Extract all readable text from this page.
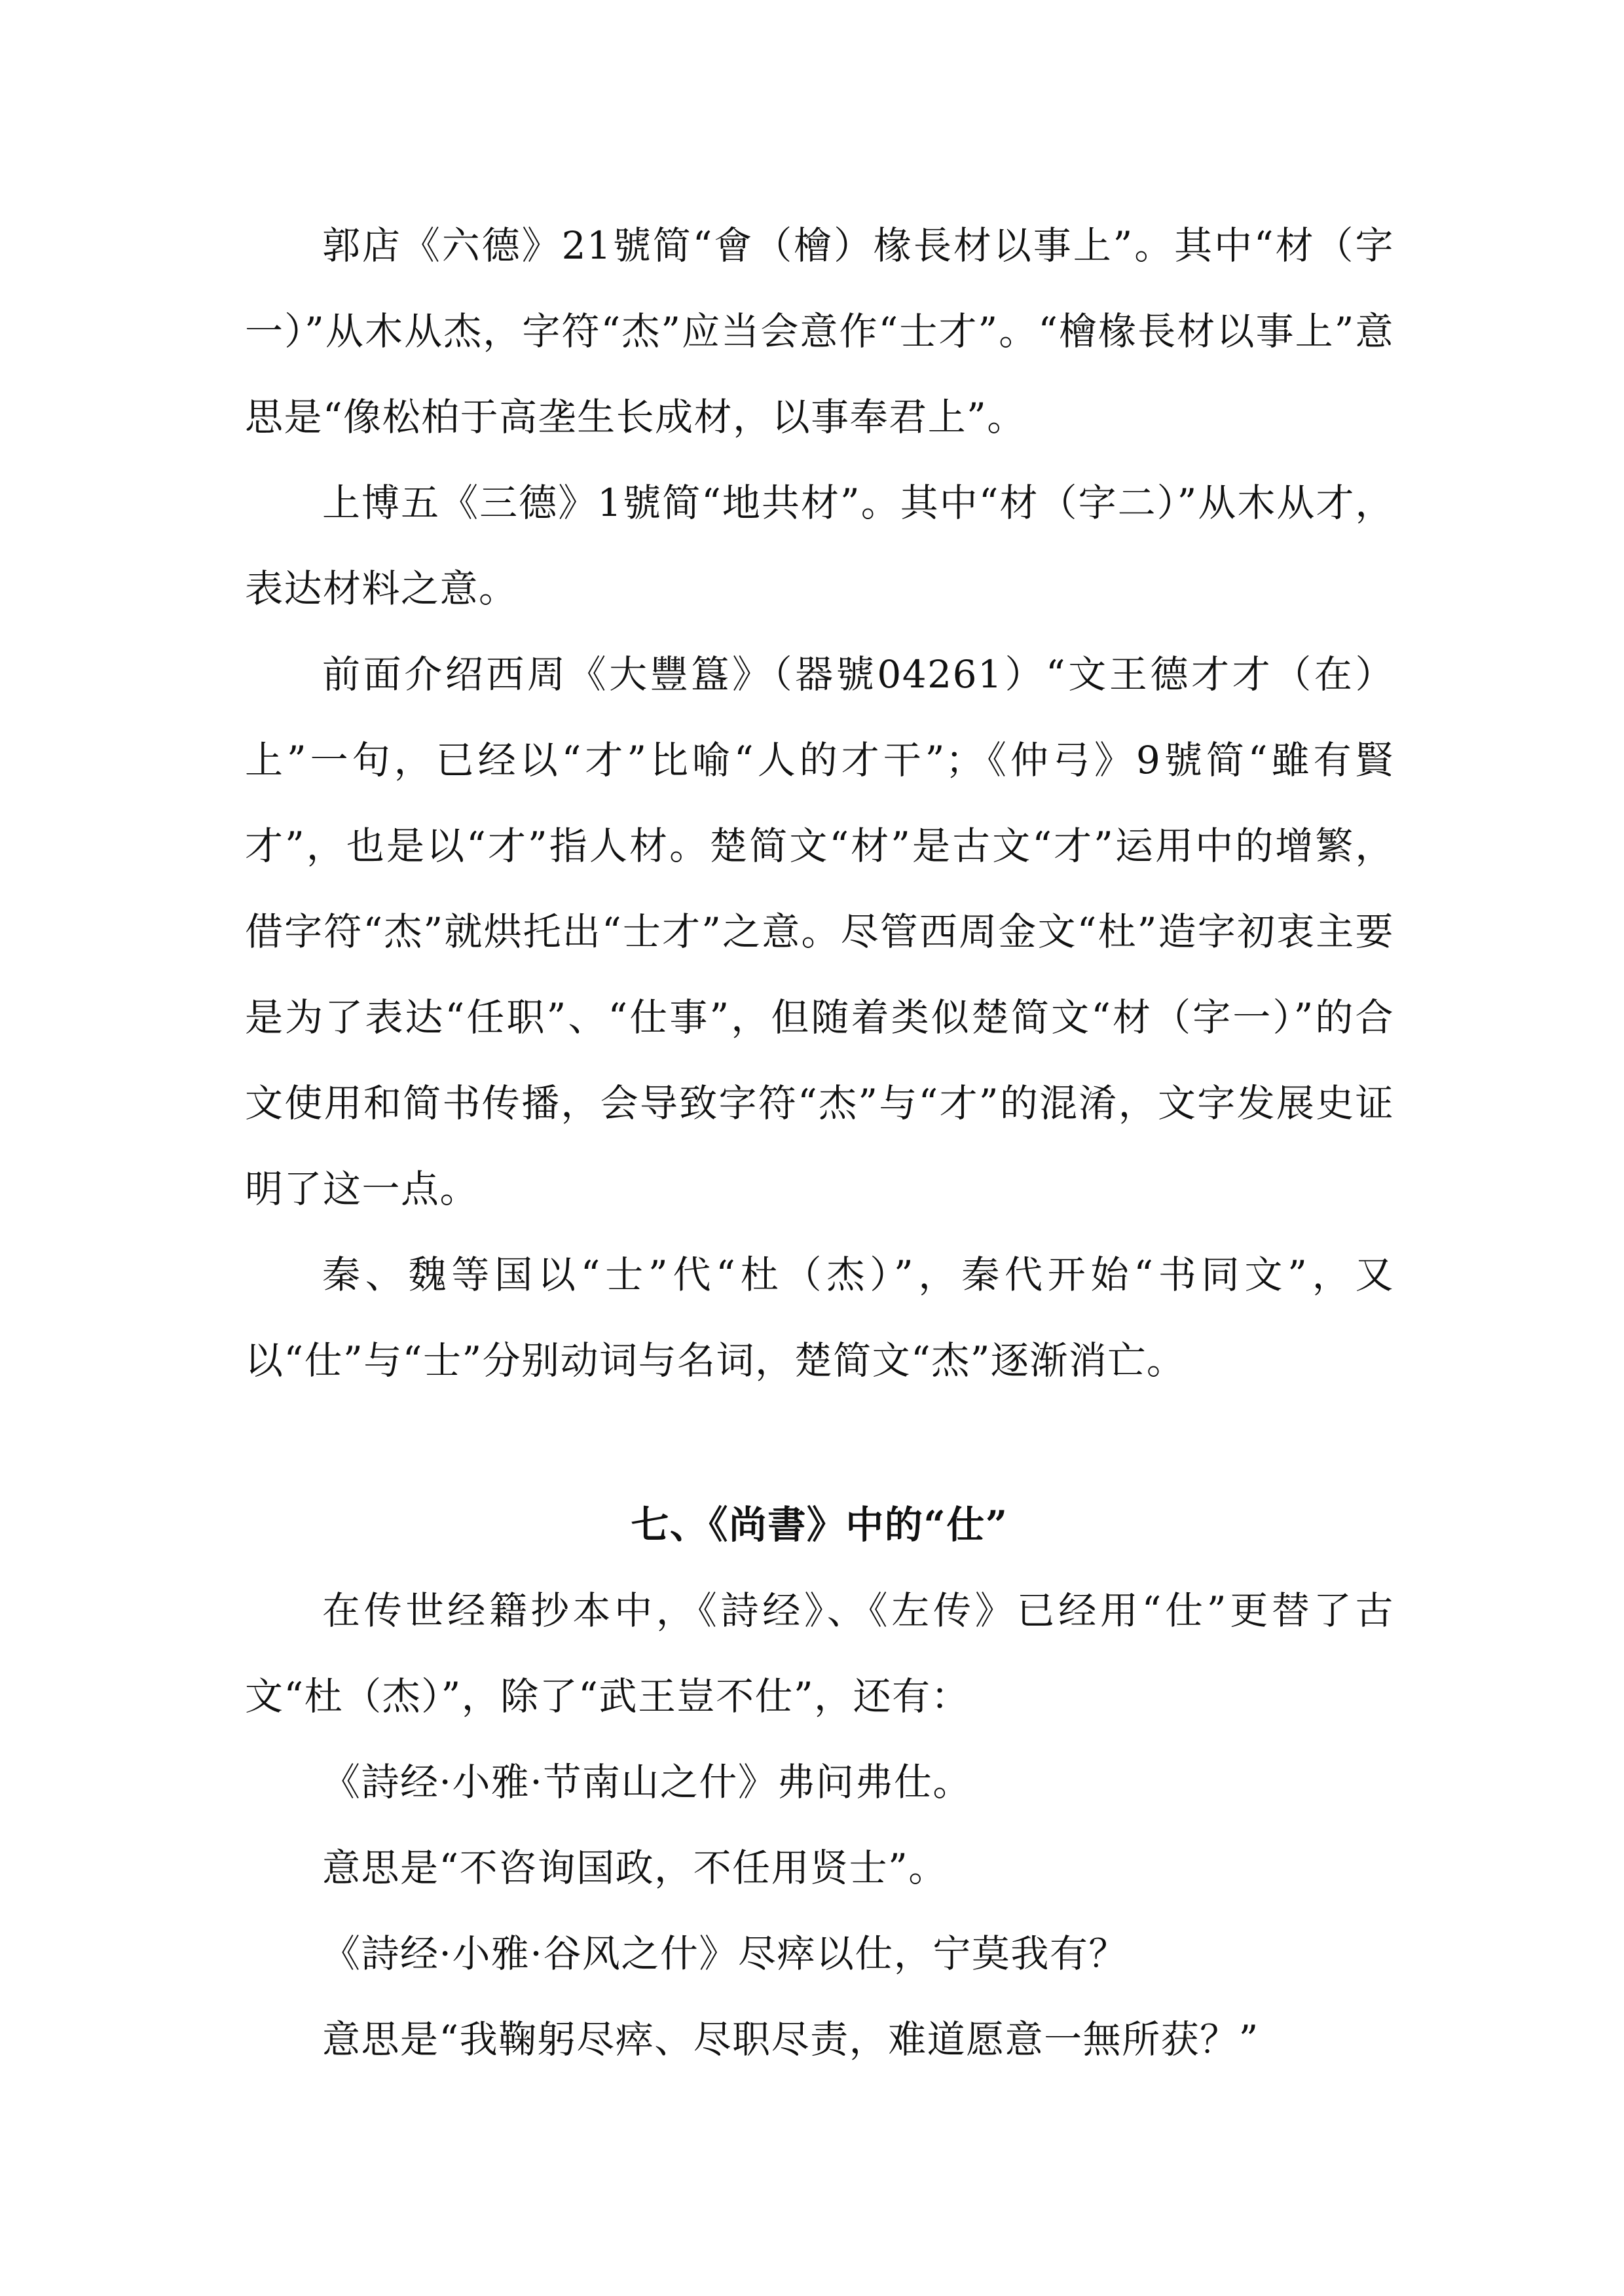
郭店《六德》21號简“會（檜）椽長材以事上”。其中“材（字一）”从木从杰，字符“杰”应当会意作“士才”。“檜椽長材以事上”意思是“像松柏于高垄生长成材，以事奉君上”。

上博五《三德》1號简“地共材”。其中“材（字二）”从木从才，表达材料之意。

前面介绍西周《大豐簋》（器號04261）“文王德才才（在）上”一句，已经以“才”比喻“人的才干”；《仲弓》9號简“雖有賢才”，也是以“才”指人材。楚简文“材”是古文“才”运用中的增繁，借字符“杰”就烘托出“士才”之意。尽管西周金文“杜”造字初衷主要是为了表达“任职”、“仕事”，但随着类似楚简文“材（字一）”的合文使用和简书传播，会导致字符“杰”与“才”的混淆，文字发展史证明了这一点。

秦、魏等国以“士”代“杜（杰）”，秦代开始“书同文”，又以“仕”与“士”分别动词与名词，楚简文“杰”逐渐消亡。

七、《尚書》中的“仕”

在传世经籍抄本中，《詩经》、《左传》已经用“仕”更替了古文“杜（杰）”，除了“武王豈不仕”，还有：

《詩经·小雅·节南山之什》弗问弗仕。

意思是“不咨询国政，不任用贤士”。

《詩经·小雅·谷风之什》尽瘁以仕，宁莫我有？

意思是“我鞠躬尽瘁、尽职尽责，难道愿意一無所获？”
